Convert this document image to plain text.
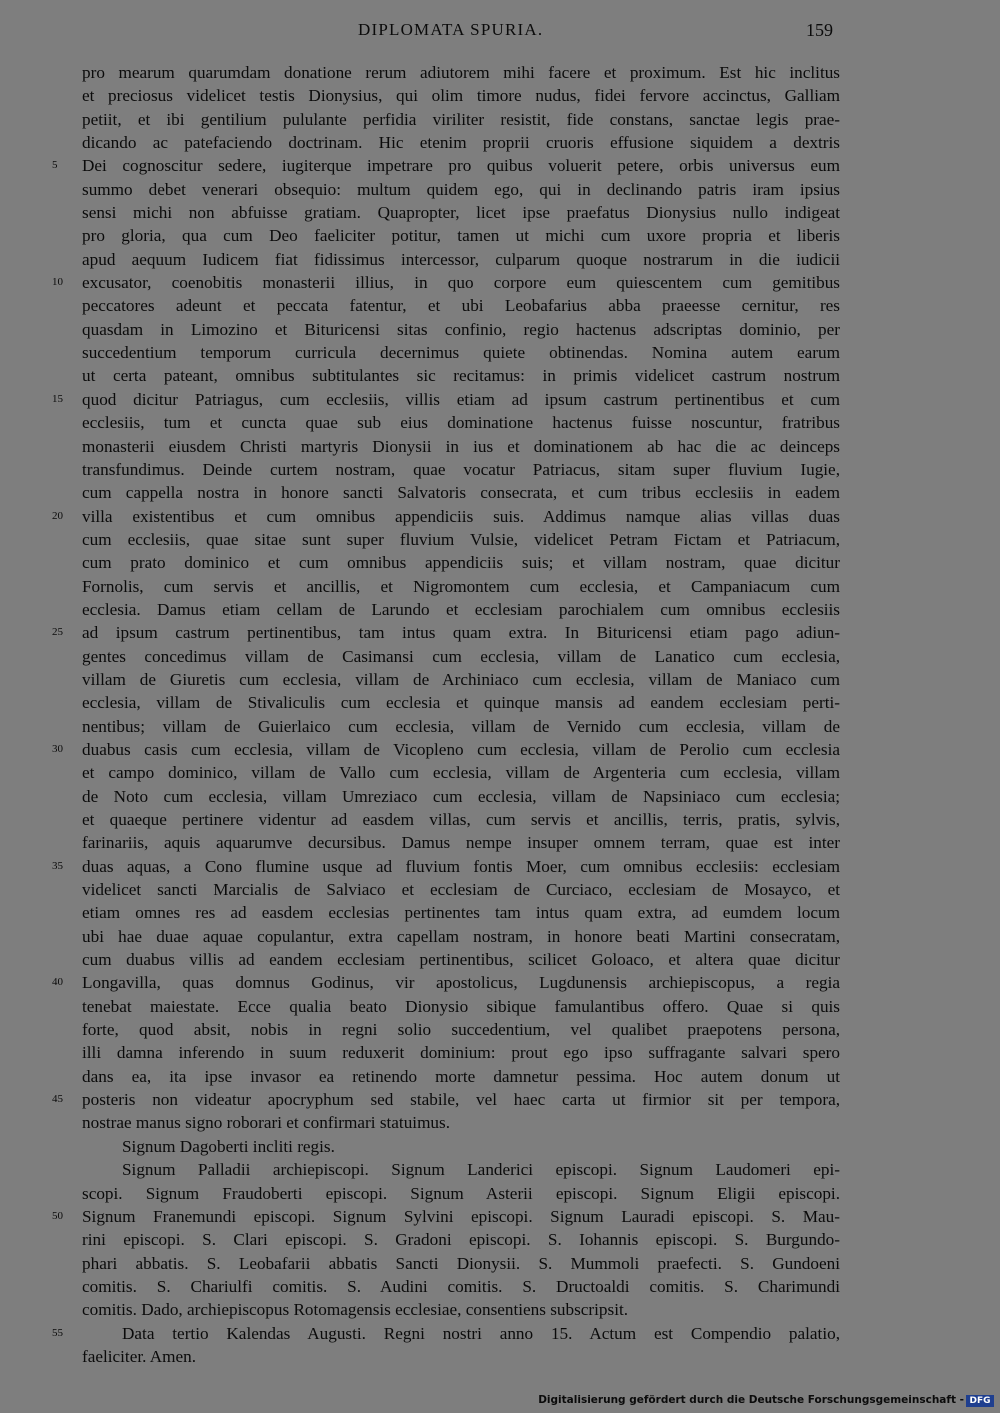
DIPLOMATA SPURIA.	159
pro mearum quarumdam donatione rerum adiutorem mihi facere et proximum. Est hic inclitus
et preciosus videlicet testis Dionysius, qui olim timore nudus, fidei fervore accinctus, Galliam
petiit, et ibi gentilium pululante perfidia viriliter resistit, fide constans, sanctae legis prae-
dicando ac patefaciendo doctrinam. Hic etenim proprii cruoris effusione siquidem a dextris
5	Dei cognoscitur sedere, iugiterque impetrare pro quibus voluerit petere, orbis universus eum
summo debet venerari obsequio: multum quidem ego, qui in declinando patris iram ipsius
sensi michi non abfuisse gratiam. Quapropter, licet ipse praefatus Dionysius nullo indigeat
pro gloria, qua cum Deo faeliciter potitur, tamen ut michi cum uxore propria et liberis
apud aequum Iudicem fiat fidissimus intercessor, culparum quoque nostrarum in die iudicii
10	excusator, coenobitis monasterii illius, in quo corpore eum quiescentem cum gemitibus
peccatores adeunt et peccata fatentur, et ubi Leobafarius abba praeesse cernitur, res
quasdam in Limozino et Bituricensi sitas confinio, regio hactenus adscriptas dominio, per
succedentium temporum curricula decernimus quiete obtinendas. Nomina autem earum
ut certa pateant, omnibus subtitulantes sic recitamus: in primis videlicet castrum nostrum
15	quod dicitur Patriagus, cum ecclesiis, villis etiam ad ipsum castrum pertinentibus et cum
ecclesiis, tum et cuncta quae sub eius dominatione hactenus fuisse noscuntur, fratribus
monasterii eiusdem Christi martyris Dionysii in ius et dominationem ab hac die ac deinceps
transfundimus. Deinde curtem nostram, quae vocatur Patriacus, sitam super fluvium Iugie,
cum cappella nostra in honore sancti Salvatoris consecrata, et cum tribus ecclesiis in eadem
20	villa existentibus et cum omnibus appendiciis suis. Addimus namque alias villas duas
cum ecclesiis, quae sitae sunt super fluvium Vulsie, videlicet Petram Fictam et Patriacum,
cum prato dominico et cum omnibus appendiciis suis; et villam nostram, quae dicitur
Fornolis, cum servis et ancillis, et Nigromontem cum ecclesia, et Campaniacum cum
ecclesia. Damus etiam cellam de Larundo et ecclesiam parochialem cum omnibus ecclesiis
25	ad ipsum castrum pertinentibus, tam intus quam extra. In Bituricensi etiam pago adiun-
gentes concedimus villam de Casimansi cum ecclesia, villam de Lanatico cum ecclesia,
villam de Giuretis cum ecclesia, villam de Archiniaco cum ecclesia, villam de Maniaco cum
ecclesia, villam de Stivaliculis cum ecclesia et quinque mansis ad eandem ecclesiam perti-
nentibus; villam de Guierlaico cum ecclesia, villam de Vernido cum ecclesia, villam de
30	duabus casis cum ecclesia, villam de Vicopleno cum ecclesia, villam de Perolio cum ecclesia
et campo dominico, villam de Vallo cum ecclesia, villam de Argenteria cum ecclesia, villam
de Noto cum ecclesia, villam Umreziaco cum ecclesia, villam de Napsiniaco cum ecclesia;
et quaeque pertinere videntur ad easdem villas, cum servis et ancillis, terris, pratis, sylvis,
farinariis, aquis aquarumve decursibus. Damus nempe insuper omnem terram, quae est inter
35	duas aquas, a Cono flumine usque ad fluvium fontis Moer, cum omnibus ecclesiis: ecclesiam
videlicet sancti Marcialis de Salviaco et ecclesiam de Curciaco, ecclesiam de Mosayco, et
etiam omnes res ad easdem ecclesias pertinentes tam intus quam extra, ad eumdem locum
ubi hae duae aquae copulantur, extra capellam nostram, in honore beati Martini consecratam,
cum duabus villis ad eandem ecclesiam pertinentibus, scilicet Goloaco, et altera quae dicitur
40	Longavilla, quas domnus Godinus, vir apostolicus, Lugdunensis archiepiscopus, a regia
tenebat maiestate. Ecce qualia beato Dionysio sibique famulantibus offero. Quae si quis
forte, quod absit, nobis in regni solio succedentium, vel qualibet praepotens persona,
illi damna inferendo in suum reduxerit dominium: prout ego ipso suffragante salvari spero
dans ea, ita ipse invasor ea retinendo morte damnetur pessima. Hoc autem donum ut
45	posteris non videatur apocryphum sed stabile, vel haec carta ut firmior sit per tempora,
nostrae manus signo roborari et confirmari statuimus.
Signum Dagoberti incliti regis.
Signum Palladii archiepiscopi. Signum Landerici episcopi. Signum Laudomeri epi-
scopi. Signum Fraudoberti episcopi. Signum Asterii episcopi. Signum Eligii episcopi.
50	Signum Franemundi episcopi. Signum Sylvini episcopi. Signum Lauradi episcopi. S. Mau-
rini episcopi. S. Clari episcopi. S. Gradoni episcopi. S. Iohannis episcopi. S. Burgundo-
phari abbatis. S. Leobafarii abbatis Sancti Dionysii. S. Mummoli praefecti. S. Gundoeni
comitis. S. Chariulfi comitis. S. Audini comitis. S. Dructoaldi comitis. S. Charimundi
comitis. Dado, archiepiscopus Rotomagensis ecclesiae, consentiens subscripsit.
55	Data tertio Kalendas Augusti. Regni nostri anno 15. Actum est Compendio palatio,
faeliciter. Amen.
Digitalisierung gefördert durch die Deutsche Forschungsgemeinschaft - DFG
